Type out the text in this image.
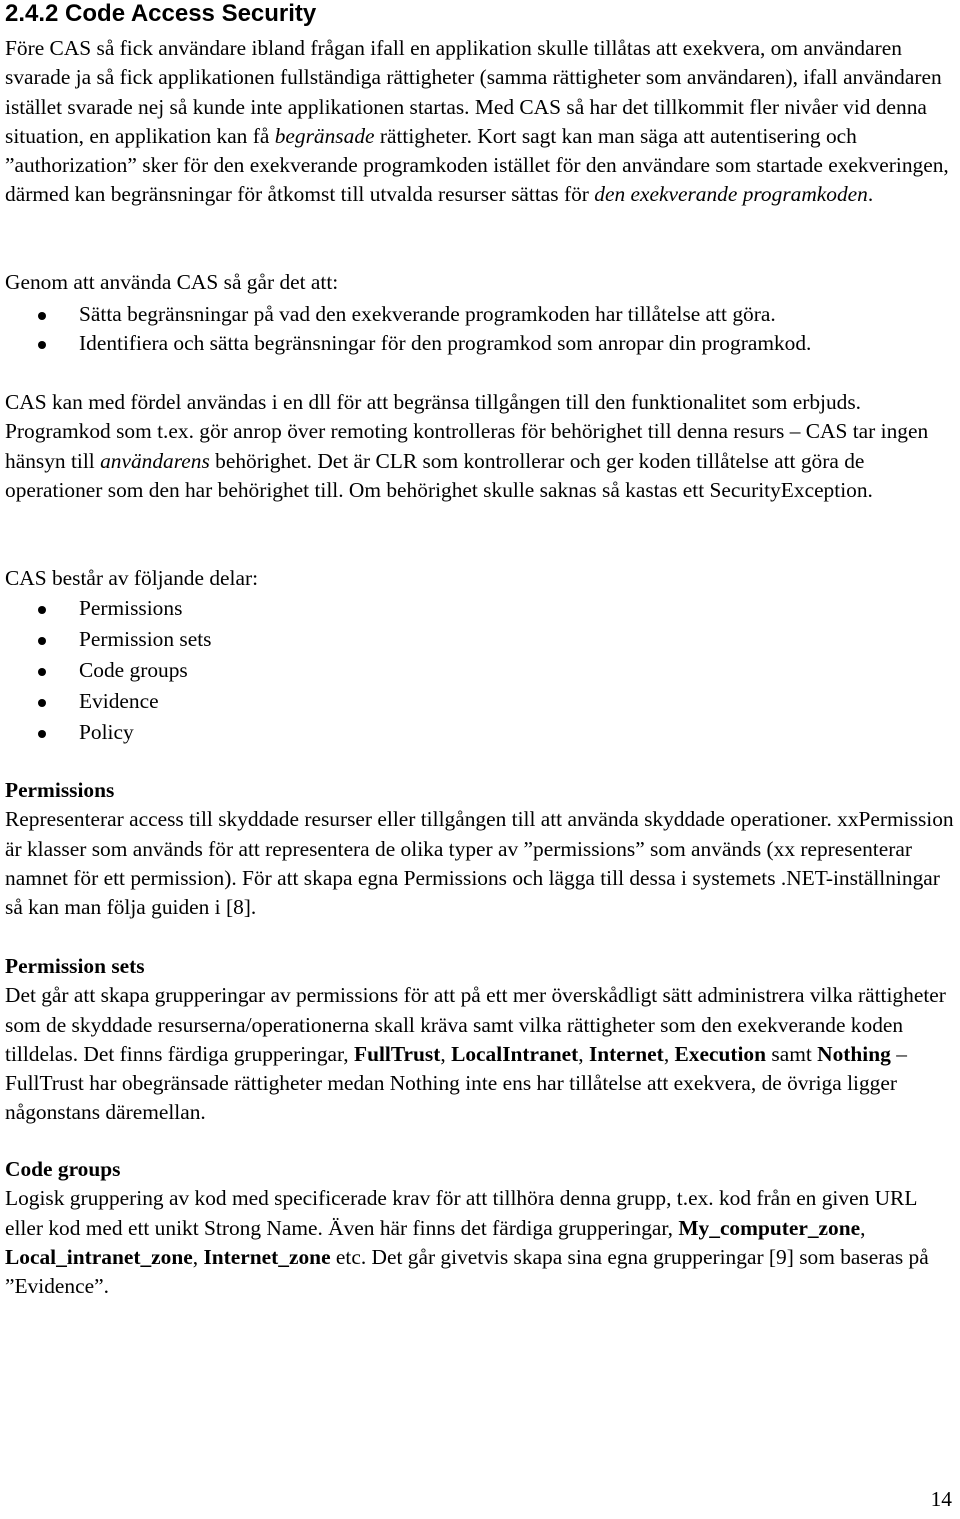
2.4.2 Code Access Security

Före CAS så fick användare ibland frågan ifall en applikation skulle tillåtas att exekvera, om användaren svarade ja så fick applikationen fullständiga rättigheter (samma rättigheter som användaren), ifall användaren istället svarade nej så kunde inte applikationen startas. Med CAS så har det tillkommit fler nivåer vid denna situation, en applikation kan få begränsade rättigheter. Kort sagt kan man säga att autentisering och ”authorization” sker för den exekverande programkoden istället för den användare som startade exekveringen, därmed kan begränsningar för åtkomst till utvalda resurser sättas för den exekverande programkoden.

Genom att använda CAS så går det att:

Sätta begränsningar på vad den exekverande programkoden har tillåtelse att göra.
Identifiera och sätta begränsningar för den programkod som anropar din programkod.

CAS kan med fördel användas i en dll för att begränsa tillgången till den funktionalitet som erbjuds. Programkod som t.ex. gör anrop över remoting kontrolleras för behörighet till denna resurs – CAS tar ingen hänsyn till användarens behörighet. Det är CLR som kontrollerar och ger koden tillåtelse att göra de operationer som den har behörighet till. Om behörighet skulle saknas så kastas ett SecurityException.

CAS består av följande delar:

Permissions
Permission sets
Code groups
Evidence
Policy

Permissions
Representerar access till skyddade resurser eller tillgången till att använda skyddade operationer. xxPermission är klasser som används för att representera de olika typer av ”permissions” som används (xx representerar namnet för ett permission). För att skapa egna Permissions och lägga till dessa i systemets .NET-inställningar så kan man följa guiden i [8].

Permission sets
Det går att skapa grupperingar av permissions för att på ett mer överskådligt sätt administrera vilka rättigheter som de skyddade resurserna/operationerna skall kräva samt vilka rättigheter som den exekverande koden tilldelas. Det finns färdiga grupperingar, FullTrust, LocalIntranet, Internet, Execution samt Nothing – FullTrust har obegränsade rättigheter medan Nothing inte ens har tillåtelse att exekvera, de övriga ligger någonstans däremellan.

Code groups
Logisk gruppering av kod med specificerade krav för att tillhöra denna grupp, t.ex. kod från en given URL eller kod med ett unikt Strong Name. Även här finns det färdiga grupperingar, My_computer_zone, Local_intranet_zone, Internet_zone etc. Det går givetvis skapa sina egna grupperingar [9] som baseras på ”Evidence”.

14
